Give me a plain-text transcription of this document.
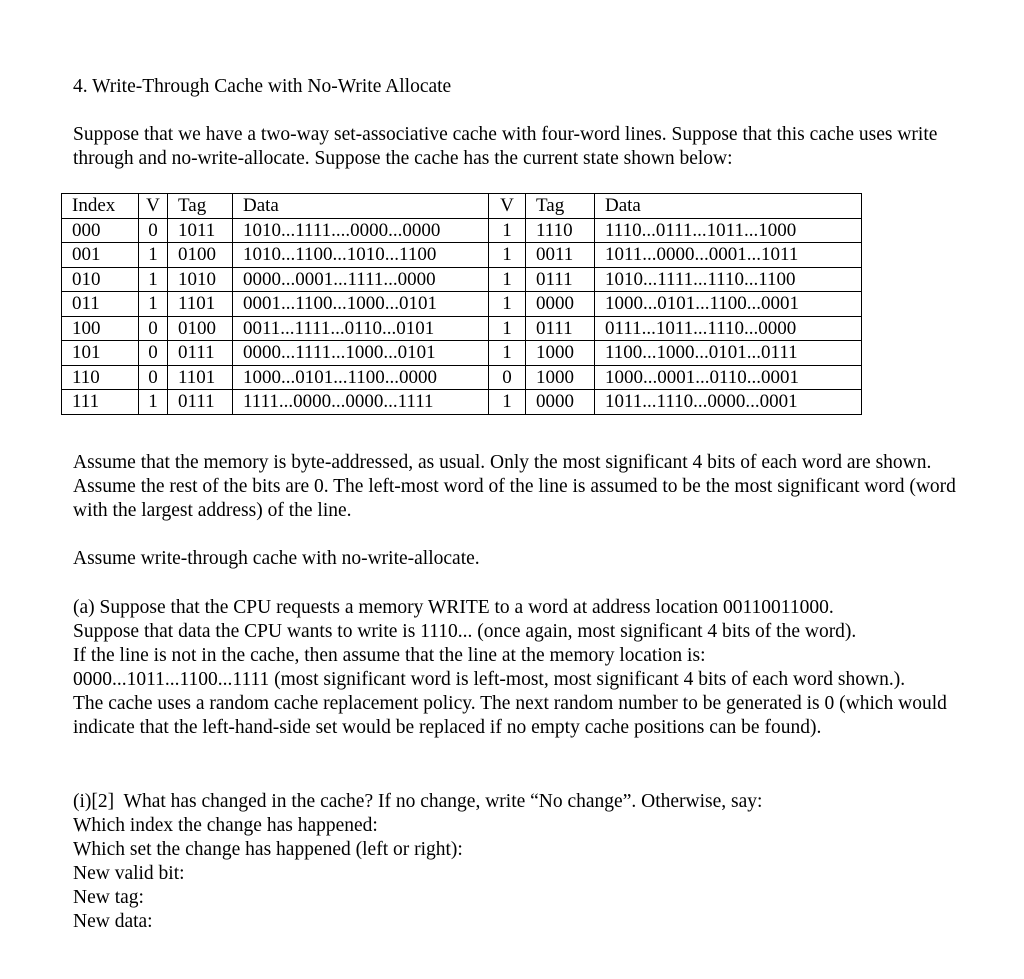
4. Write-Through Cache with No-Write Allocate
Suppose that we have a two-way set-associative cache with four-word lines. Suppose that this cache uses write through and no-write-allocate. Suppose the cache has the current state shown below:
Index	V	Tag	Data	V	Tag	Data
000	0	1011	1010...1111....0000...0000	1	1110	1110...0111...1011...1000
001	1	0100	1010...1100...1010...1100	1	0011	1011...0000...0001...1011
010	1	1010	0000...0001...1111...0000	1	0111	1010...1111...1110...1100
011	1	1101	0001...1100...1000...0101	1	0000	1000...0101...1100...0001
100	0	0100	0011...1111...0110...0101	1	0111	0111...1011...1110...0000
101	0	0111	0000...1111...1000...0101	1	1000	1100...1000...0101...0111
110	0	1101	1000...0101...1100...0000	0	1000	1000...0001...0110...0001
111	1	0111	1111...0000...0000...1111	1	0000	1011...1110...0000...0001
Assume that the memory is byte-addressed, as usual. Only the most significant 4 bits of each word are shown. Assume the rest of the bits are 0. The left-most word of the line is assumed to be the most significant word (word with the largest address) of the line.
Assume write-through cache with no-write-allocate.
(a) Suppose that the CPU requests a memory WRITE to a word at address location 00110011000.
Suppose that data the CPU wants to write is 1110... (once again, most significant 4 bits of the word).
If the line is not in the cache, then assume that the line at the memory location is:
0000...1011...1100...1111 (most significant word is left-most, most significant 4 bits of each word shown.).
The cache uses a random cache replacement policy. The next random number to be generated is 0 (which would indicate that the left-hand-side set would be replaced if no empty cache positions can be found).
(i)[2]  What has changed in the cache? If no change, write “No change”. Otherwise, say:
Which index the change has happened:
Which set the change has happened (left or right):
New valid bit:
New tag:
New data:
